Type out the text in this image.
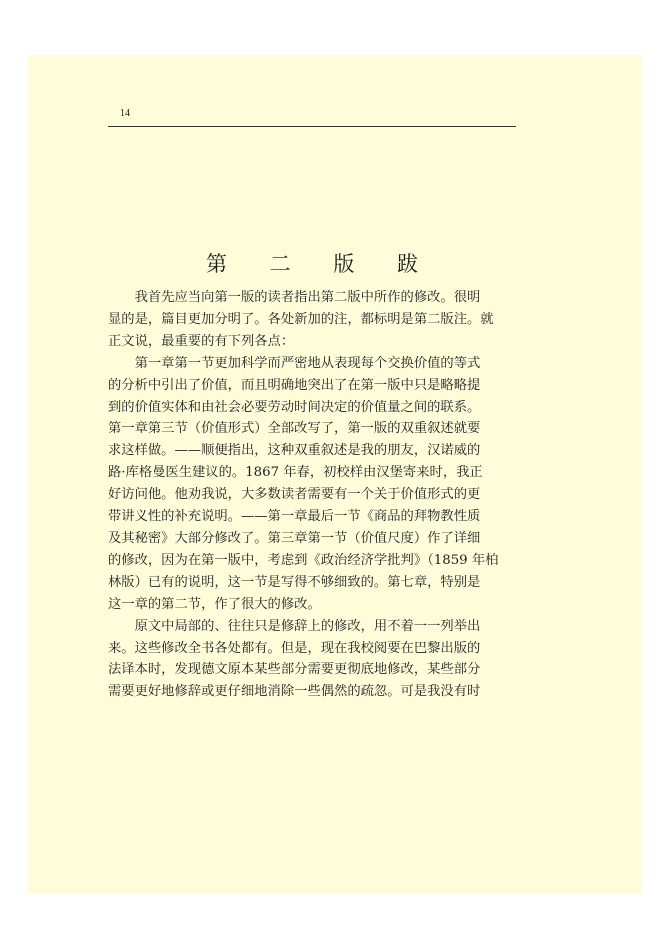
14
第 二 版 跋

我首先应当向第一版的读者指出第二版中所作的修改。很明
显的是，篇目更加分明了。各处新加的注，都标明是第二版注。就
正文说，最重要的有下列各点：

第一章第一节更加科学而严密地从表现每个交换价值的等式
的分析中引出了价值，而且明确地突出了在第一版中只是略略提
到的价值实体和由社会必要劳动时间决定的价值量之间的联系。
第一章第三节（价值形式）全部改写了，第一版的双重叙述就要
求这样做。——顺便指出，这种双重叙述是我的朋友，汉诺威的
路·库格曼医生建议的。1867 年春，初校样由汉堡寄来时，我正
好访问他。他劝我说，大多数读者需要有一个关于价值形式的更
带讲义性的补充说明。——第一章最后一节《商品的拜物教性质
及其秘密》大部分修改了。第三章第一节（价值尺度）作了详细
的修改，因为在第一版中，考虑到《政治经济学批判》（1859 年柏
林版）已有的说明，这一节是写得不够细致的。第七章，特别是
这一章的第二节，作了很大的修改。

原文中局部的、往往只是修辞上的修改，用不着一一列举出
来。这些修改全书各处都有。但是，现在我校阅要在巴黎出版的
法译本时，发现德文原本某些部分需要更彻底地修改，某些部分
需要更好地修辞或更仔细地消除一些偶然的疏忽。可是我没有时
